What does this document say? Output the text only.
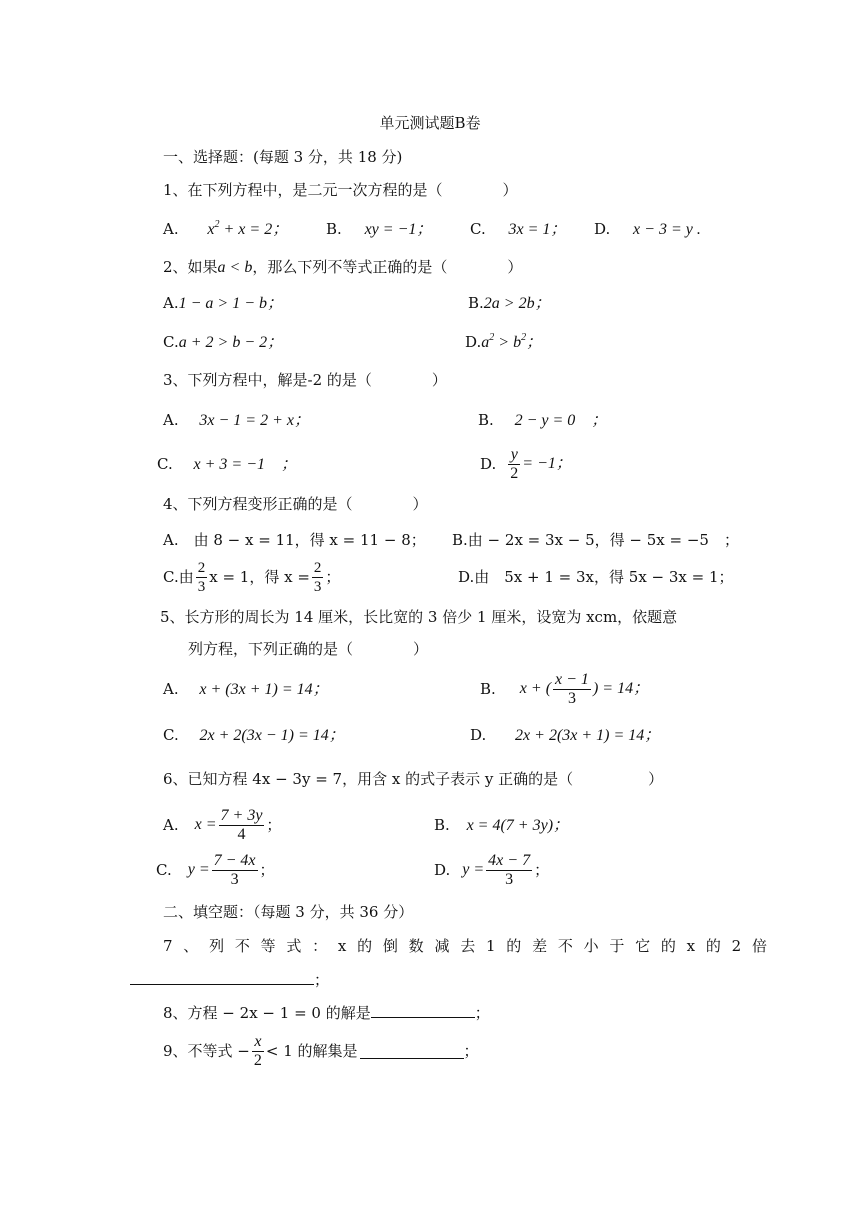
单元测试题B卷
一、选择题：(每题 3 分，共 18 分)
1、在下列方程中，是二元一次方程的是（　　　　）
A. $x^2 + x = 2$；	B. xy = −1；	C. 3x = 1； D. x − 3 = y .
2、如果a < b，那么下列不等式正确的是（　　　　）
A.1 − a > 1 − b；	B.2a > 2b；
C.a + 2 > b − 2；	$D.a^2 > b^2$；
3、下列方程中，解是-2 的是（　　　　）
A. 3x − 1 = 2 + x；	B. 2 − y = 0　；
C. x + 3 = −1　；	D. $\frac{y}{2} = -1$；
4、下列方程变形正确的是（　　　　）
A.　由 8 − x = 11，得 x = 11 − 8； B.由 − 2x = 3x − 5，得 − 5x = −5　；
C.由 $\frac{2}{3}$ x = 1，得 $x = \frac{2}{3}$ ；	D.由　5x + 1 = 3x，得 5x − 3x = 1；
5、长方形的周长为 14 厘米，长比宽的 3 倍少 1 厘米，设宽为 xcm，依题意
列方程，下列正确的是（　　　　）
A. x + (3x + 1) = 14；	B. x + ( $\frac{x - 1}{3}$ ) = 14；
C. 2x + 2(3x − 1) = 14；	D. 2x + 2(3x + 1) = 14；
6、已知方程 4x − 3y = 7，用含 x 的式子表示 y 正确的是（　　　　　）
A. $x = \frac{7 + 3y}{4}$ ；	B. x = 4(7 + 3y)；
C. $y = \frac{7 - 4x}{3}$ ；	D. $y = \frac{4x - 7}{3}$ ；
二、填空题：（每题 3 分，共 36 分）
7 、 列 不 等 式 ： x 的 倒 数 减 去 1 的 差 不 小 于 它 的 x 的 2 倍
；
8、方程 − 2x − 1 = 0 的解是	；
9、不等式 − $\frac{x}{2} < 1$ 的解集是	；
